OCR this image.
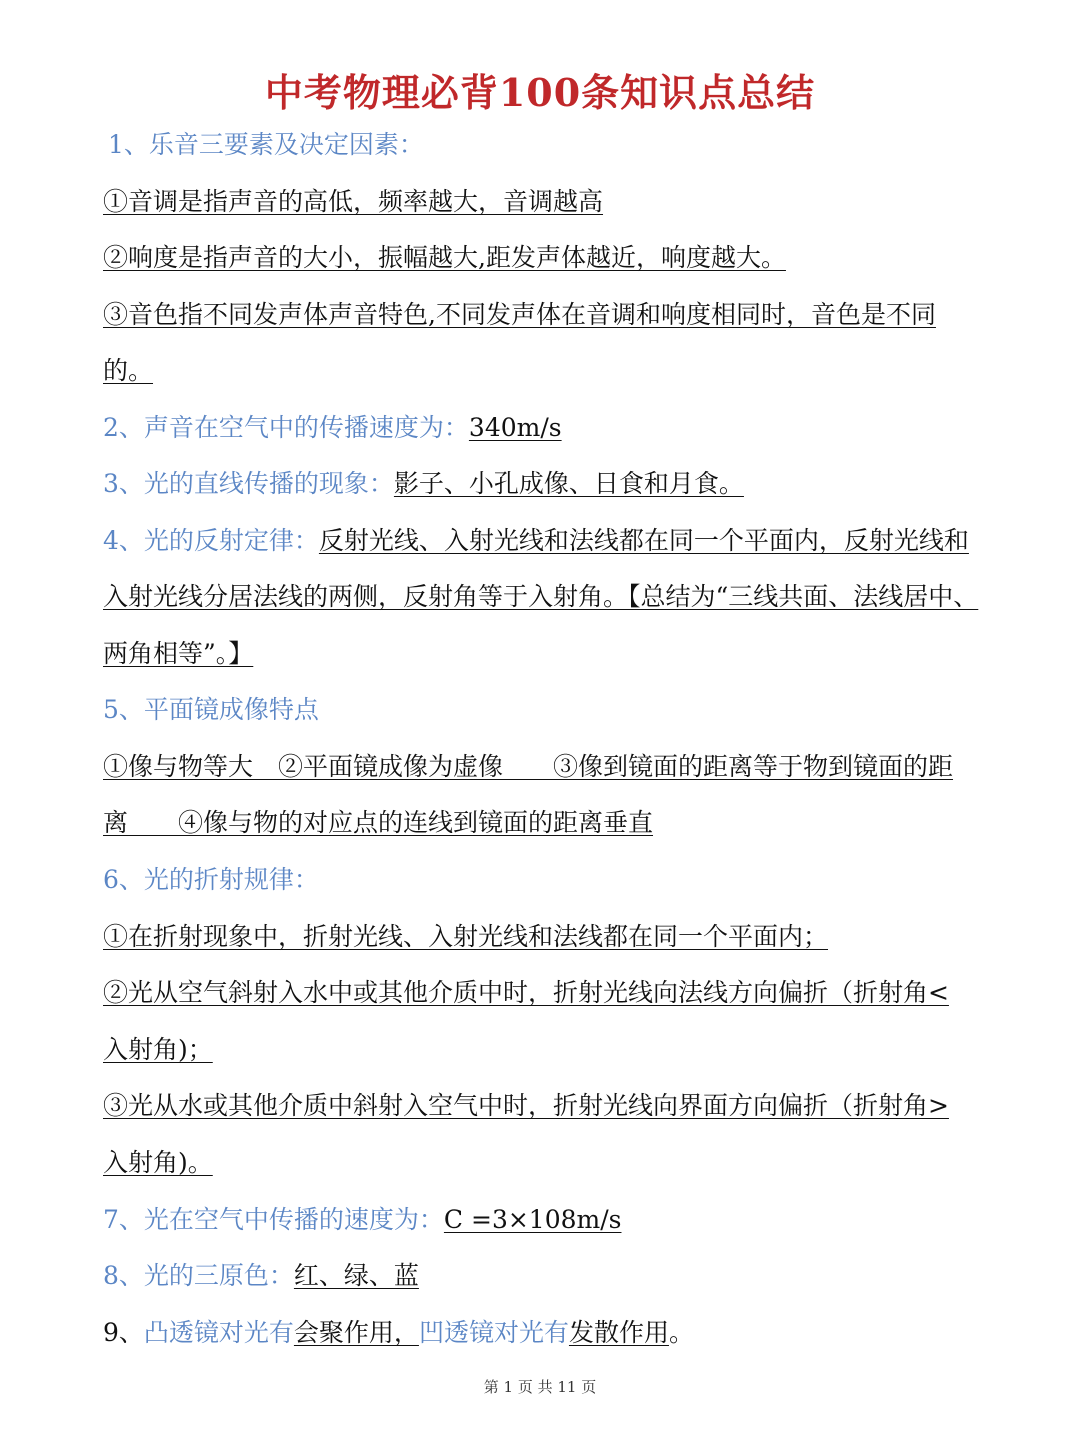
中考物理必背100条知识点总结
1、乐音三要素及决定因素：
①音调是指声音的高低，频率越大，音调越高
②响度是指声音的大小，振幅越大,距发声体越近，响度越大。
③音色指不同发声体声音特色,不同发声体在音调和响度相同时，音色是不同
的。
2、声音在空气中的传播速度为：340m/s
3、光的直线传播的现象：影子、小孔成像、日食和月食。
4、光的反射定律：反射光线、入射光线和法线都在同一个平面内，反射光线和
入射光线分居法线的两侧，反射角等于入射角。【总结为“三线共面、法线居中、
两角相等”。】
5、平面镜成像特点
①像与物等大　②平面镜成像为虚像　　③像到镜面的距离等于物到镜面的距
离　　④像与物的对应点的连线到镜面的距离垂直
6、光的折射规律：
①在折射现象中，折射光线、入射光线和法线都在同一个平面内；
②光从空气斜射入水中或其他介质中时，折射光线向法线方向偏折（折射角<
入射角)；
③光从水或其他介质中斜射入空气中时，折射光线向界面方向偏折（折射角>
入射角)。
7、光在空气中传播的速度为：C =3×108m/s
8、光的三原色：红、绿、蓝
9、凸透镜对光有会聚作用，凹透镜对光有发散作用。
第 1 页 共 11 页
